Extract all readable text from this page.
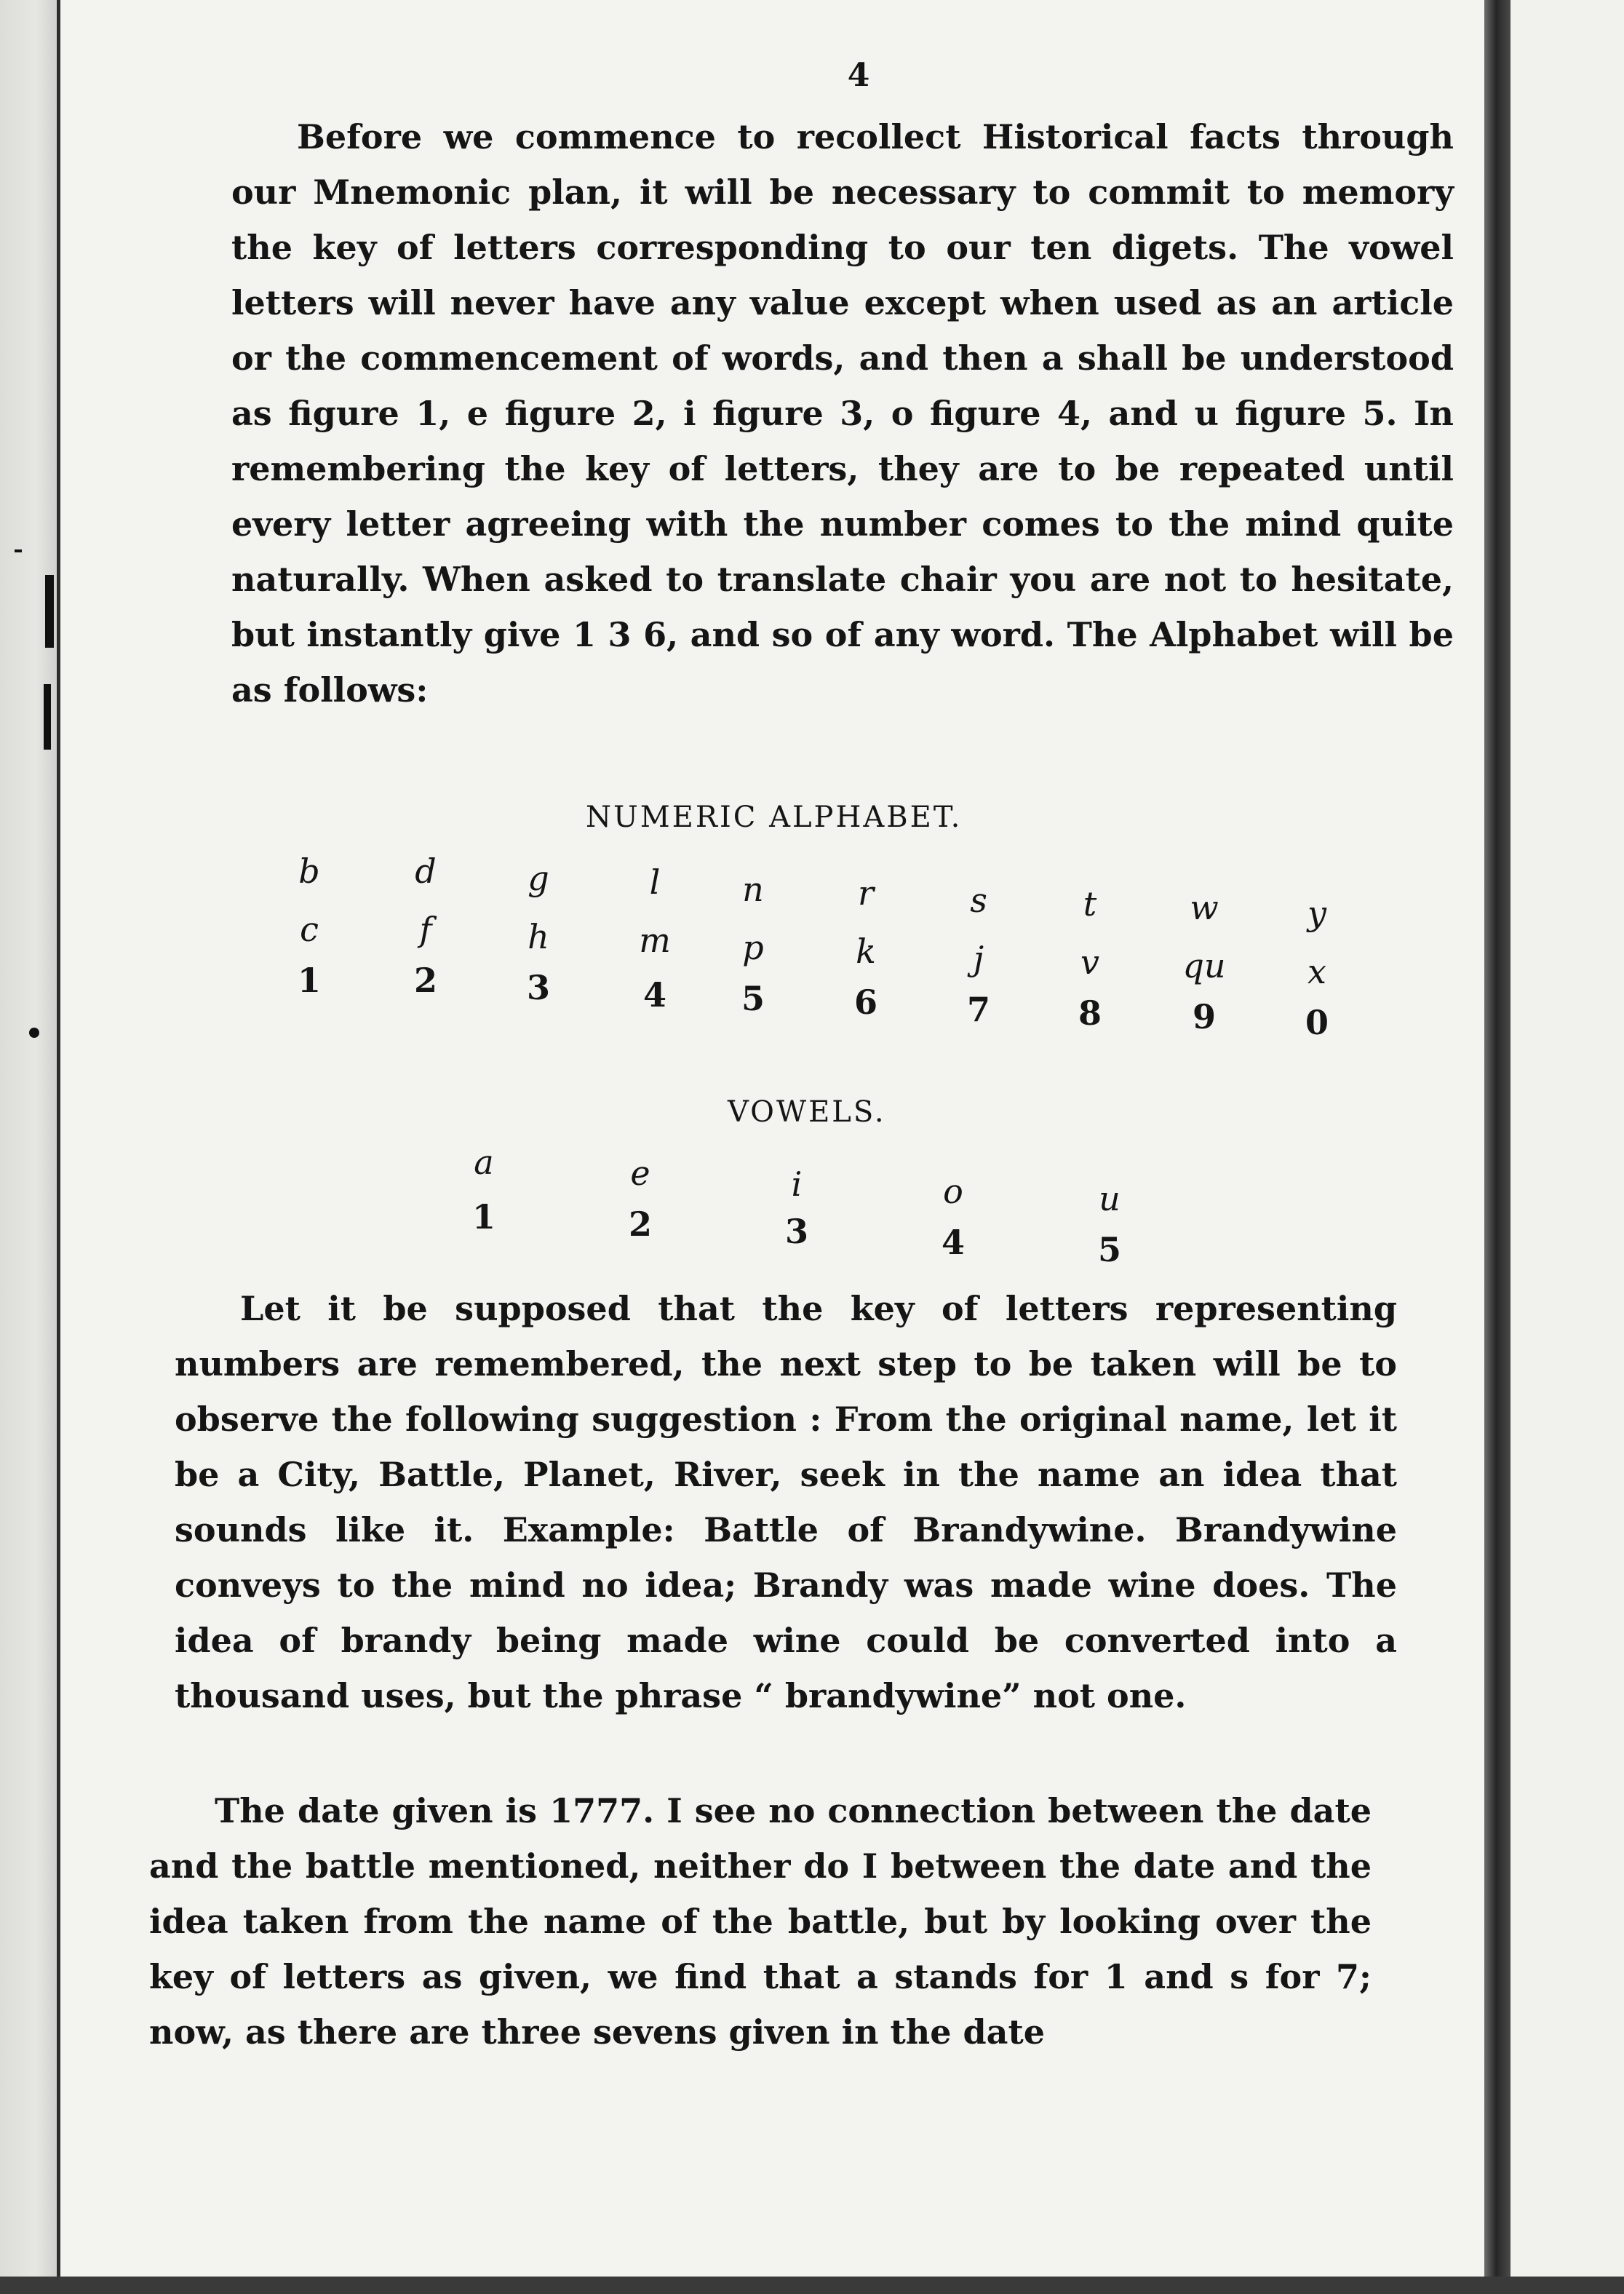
4

Before we commence to recollect Historical facts through our Mnemonic plan, it will be necessary to commit to memory the key of letters corresponding to our ten digets. The vowel letters will never have any value except when used as an article or the commencement of words, and then a shall be understood as figure 1, e figure 2, i figure 3, o figure 4, and u figure 5. In remembering the key of letters, they are to be repeated until every letter agreeing with the number comes to the mind quite naturally. When asked to translate chair you are not to hesitate, but instantly give 1 3 6, and so of any word. The Alphabet will be as follows:

NUMERIC ALPHABET.
b
c
1
d
f
2
g
h
3
l
m
4
n
p
5
r
k
6
s
j
7
t
v
8
w
qu
9
y
x
0
VOWELS.
a
1
e
2
i
3
o
4
u
5

Let it be supposed that the key of letters representing numbers are remembered, the next step to be taken will be to observe the following suggestion : From the original name, let it be a City, Battle, Planet, River, seek in the name an idea that sounds like it. Example: Battle of Brandywine. Brandywine conveys to the mind no idea; Brandy was made wine does. The idea of brandy being made wine could be converted into a thousand uses, but the phrase “ brandywine” not one.

The date given is 1777. I see no connection between the date and the battle mentioned, neither do I between the date and the idea taken from the name of the battle, but by looking over the key of letters as given, we find that a stands for 1 and s for 7; now, as there are three sevens given in the date
